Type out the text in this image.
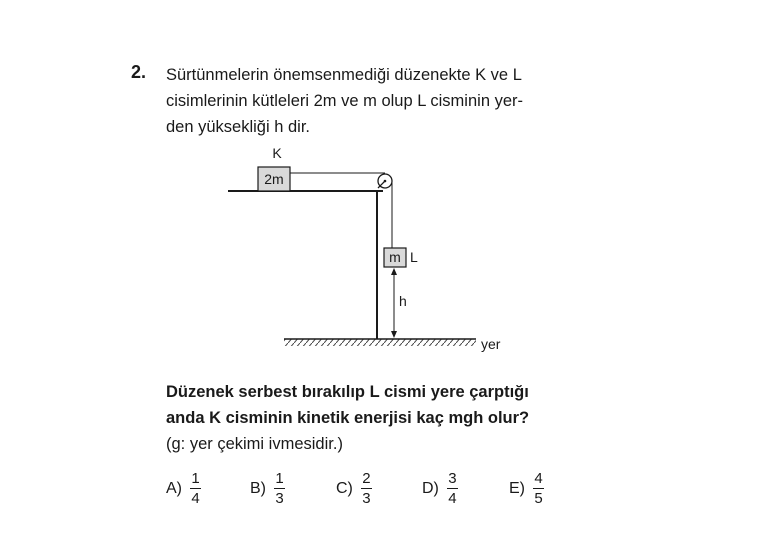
2. Sürtünmelerin önemsenmediği düzenekte K ve L
cisimlerinin kütleleri 2m ve m olup L cisminin yer-
den yüksekliği h dir.
2m
K
m L
h
yer
Düzenek serbest bırakılıp L cismi yere çarptığı
anda K cisminin kinetik enerjisi kaç mgh olur?
(g: yer çekimi ivmesidir.)
$A) \frac{1}{4}$	$B) \frac{1}{3}$	$C) \frac{2}{3}$	$D) \frac{3}{4}$	$E) \frac{4}{5}$
